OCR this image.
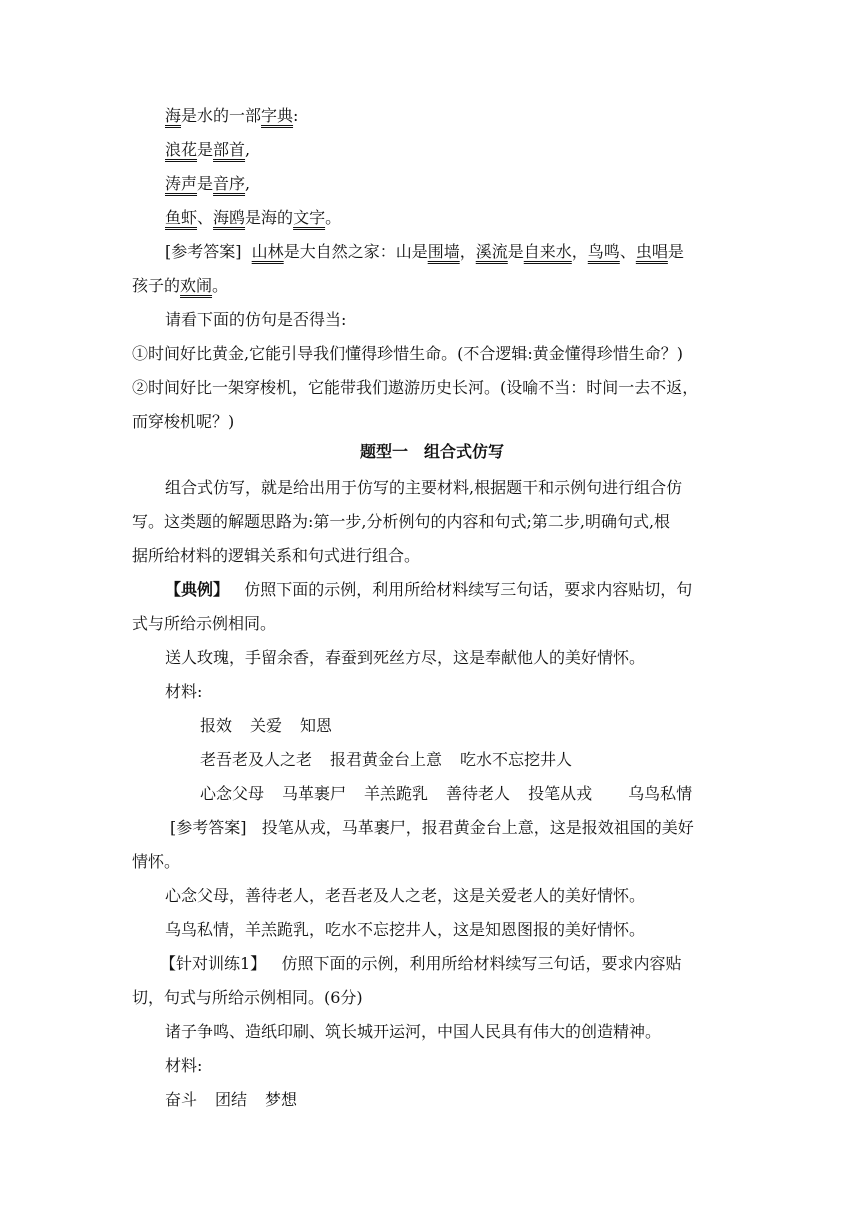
海是水的一部字典:
浪花是部首,
涛声是音序,
鱼虾、海鸥是海的文字。
[参考答案] 山林是大自然之家：山是围墙，溪流是自来水，鸟鸣、虫唱是
孩子的欢闹。
请看下面的仿句是否得当:
①时间好比黄金,它能引导我们懂得珍惜生命。(不合逻辑:黄金懂得珍惜生命？)
②时间好比一架穿梭机，它能带我们遨游历史长河。(设喻不当：时间一去不返，
而穿梭机呢？)
题型一　组合式仿写
组合式仿写，就是给出用于仿写的主要材料,根据题干和示例句进行组合仿
写。这类题的解题思路为:第一步,分析例句的内容和句式;第二步,明确句式,根
据所给材料的逻辑关系和句式进行组合。
【典例】 仿照下面的示例，利用所给材料续写三句话，要求内容贴切，句
式与所给示例相同。
送人玫瑰，手留余香，春蚕到死丝方尽，这是奉献他人的美好情怀。
材料:
报效 关爱 知恩
老吾老及人之老 报君黄金台上意 吃水不忘挖井人
心念父母 马革裹尸 羊羔跪乳 善待老人 投笔从戎 乌鸟私情
[参考答案] 投笔从戎，马革裹尸，报君黄金台上意，这是报效祖国的美好
情怀。
心念父母，善待老人，老吾老及人之老，这是关爱老人的美好情怀。
乌鸟私情，羊羔跪乳，吃水不忘挖井人，这是知恩图报的美好情怀。
【针对训练1】 仿照下面的示例，利用所给材料续写三句话，要求内容贴
切，句式与所给示例相同。(6分)
诸子争鸣、造纸印刷、筑长城开运河，中国人民具有伟大的创造精神。
材料:
奋斗 团结 梦想
